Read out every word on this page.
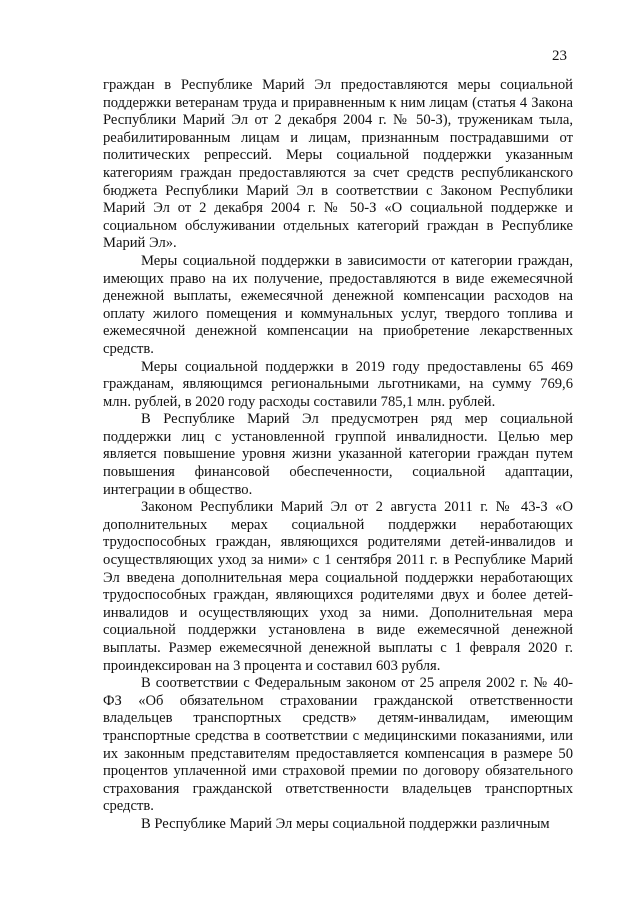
23

граждан в Республике Марий Эл предоставляются меры социальной поддержки ветеранам труда и приравненным к ним лицам (статья 4 Закона Республики Марий Эл от 2 декабря 2004 г. № 50-З), труженикам тыла, реабилитированным лицам и лицам, признанным пострадавшими от политических репрессий. Меры социальной поддержки указанным категориям граждан предоставляются за счет средств республиканского бюджета Республики Марий Эл в соответствии с Законом Республики Марий Эл от 2 декабря 2004 г. № 50-З «О социальной поддержке и социальном обслуживании отдельных категорий граждан в Республике Марий Эл».

Меры социальной поддержки в зависимости от категории граждан, имеющих право на их получение, предоставляются в виде ежемесячной денежной выплаты, ежемесячной денежной компенсации расходов на оплату жилого помещения и коммунальных услуг, твердого топлива и ежемесячной денежной компенсации на приобретение лекарственных средств.

Меры социальной поддержки в 2019 году предоставлены 65 469 гражданам, являющимся региональными льготниками, на сумму 769,6 млн. рублей, в 2020 году расходы составили 785,1 млн. рублей.

В Республике Марий Эл предусмотрен ряд мер социальной поддержки лиц с установленной группой инвалидности. Целью мер является повышение уровня жизни указанной категории граждан путем повышения финансовой обеспеченности, социальной адаптации, интеграции в общество.

Законом Республики Марий Эл от 2 августа 2011 г. № 43-З «О дополнительных мерах социальной поддержки неработающих трудоспособных граждан, являющихся родителями детей-инвалидов и осуществляющих уход за ними» с 1 сентября 2011 г. в Республике Марий Эл введена дополнительная мера социальной поддержки неработающих трудоспособных граждан, являющихся родителями двух и более детей-инвалидов и осуществляющих уход за ними. Дополнительная мера социальной поддержки установлена в виде ежемесячной денежной выплаты. Размер ежемесячной денежной выплаты с 1 февраля 2020 г. проиндексирован на 3 процента и составил 603 рубля.

В соответствии с Федеральным законом от 25 апреля 2002 г. № 40-ФЗ «Об обязательном страховании гражданской ответственности владельцев транспортных средств» детям-инвалидам, имеющим транспортные средства в соответствии с медицинскими показаниями, или их законным представителям предоставляется компенсация в размере 50 процентов уплаченной ими страховой премии по договору обязательного страхования гражданской ответственности владельцев транспортных средств.

В Республике Марий Эл меры социальной поддержки различным
